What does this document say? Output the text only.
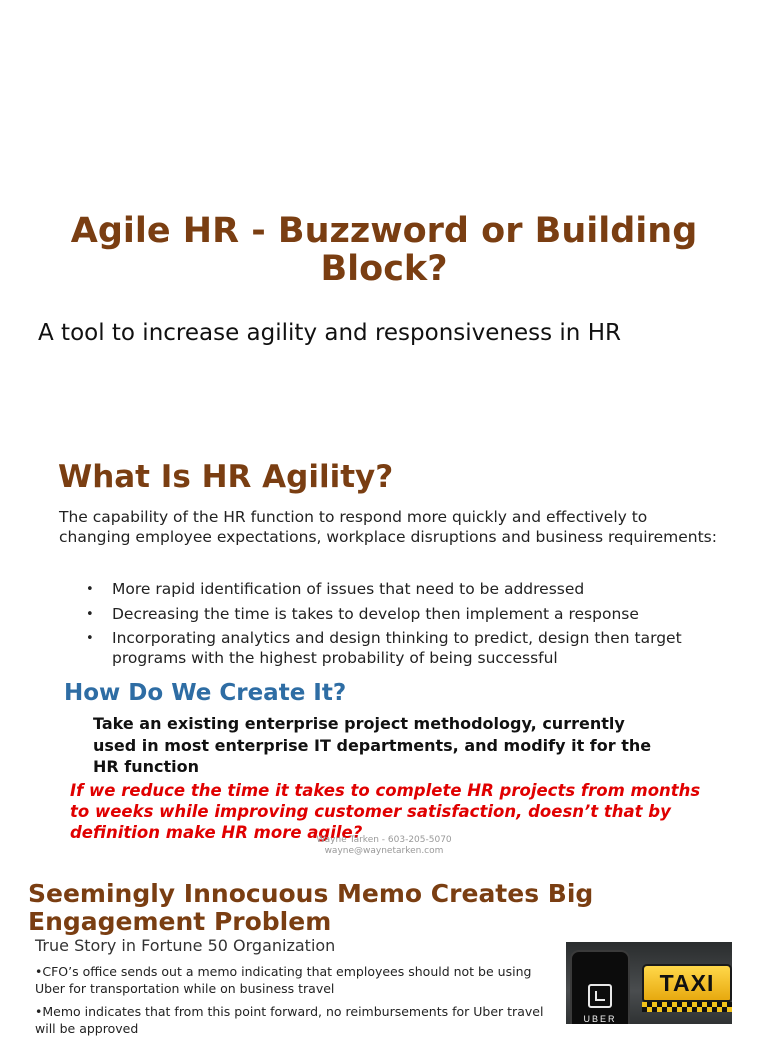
Agile HR - Buzzword or Building Block?
A tool to increase agility and responsiveness in HR
What Is HR Agility?
The capability of the HR function to respond more quickly and effectively to changing employee expectations, workplace disruptions and business requirements:
• More rapid identification of issues that need to be addressed
• Decreasing the time is takes to develop then implement a response
• Incorporating analytics and design thinking to predict, design then target programs with the highest probability of being successful
How Do We Create It?
Take an existing enterprise project methodology, currently used in most enterprise IT departments, and modify it for the HR function
If we reduce the time it takes to complete HR projects from months to weeks while improving customer satisfaction, doesn’t that by definition make HR more agile?
Wayne Tarken - 603-205-5070
wayne@waynetarken.com
Seemingly Innocuous Memo Creates Big Engagement Problem
True Story in Fortune 50 Organization
•CFO’s office sends out a memo indicating that employees should not be using Uber for transportation while on business travel
•Memo indicates that from this point forward, no reimbursements for Uber travel will be approved
UBER
TAXI
